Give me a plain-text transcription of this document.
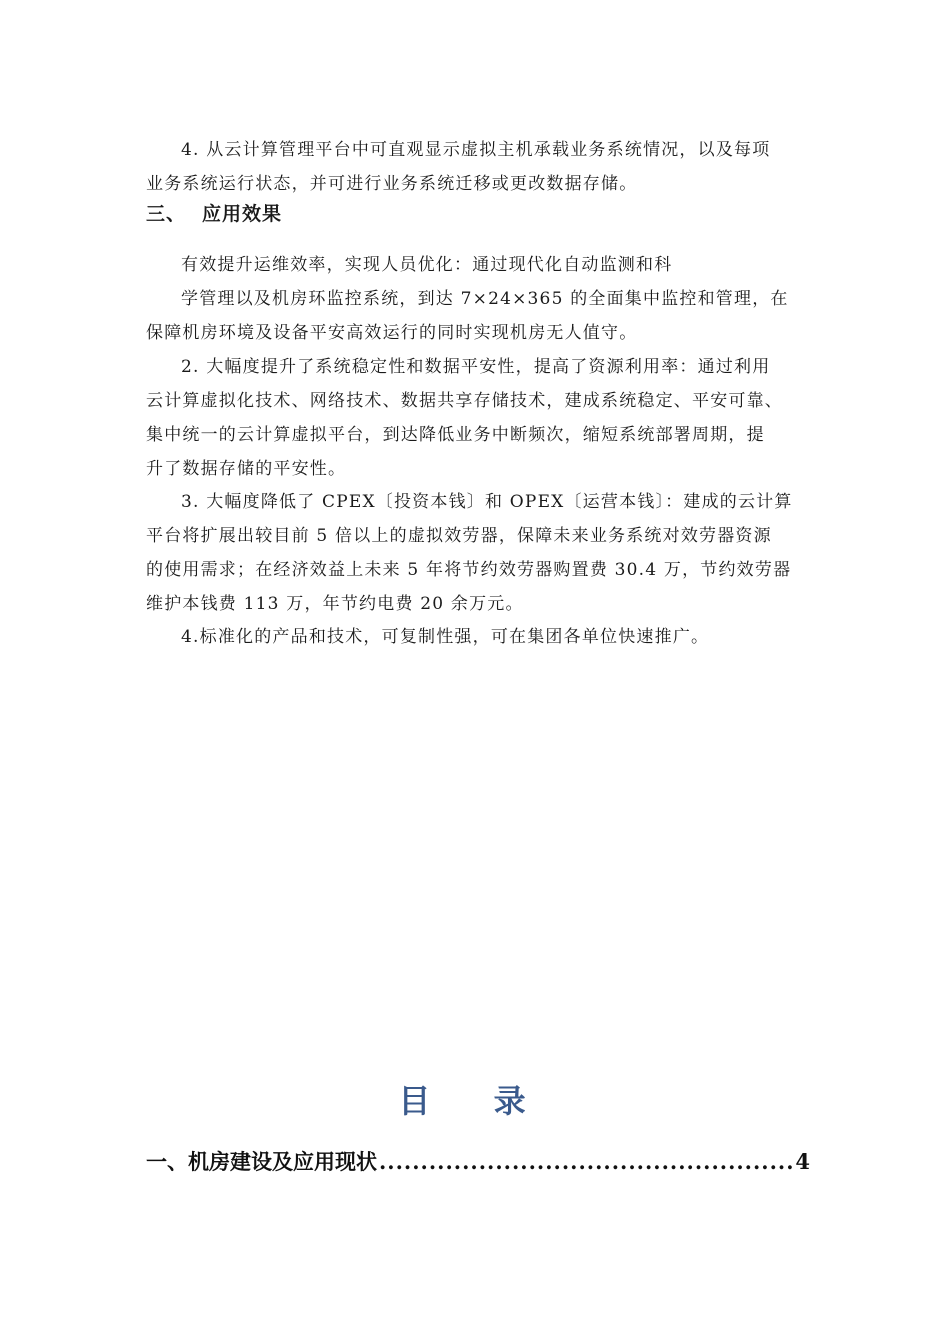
4. 从云计算管理平台中可直观显示虚拟主机承载业务系统情况，以及每项
业务系统运行状态，并可进行业务系统迁移或更改数据存储。

三、 应用效果

有效提升运维效率，实现人员优化：通过现代化自动监测和科
学管理以及机房环监控系统，到达 7×24×365 的全面集中监控和管理，在
保障机房环境及设备平安高效运行的同时实现机房无人值守。

2. 大幅度提升了系统稳定性和数据平安性，提高了资源利用率：通过利用
云计算虚拟化技术、网络技术、数据共享存储技术，建成系统稳定、平安可靠、
集中统一的云计算虚拟平台，到达降低业务中断频次，缩短系统部署周期，提
升了数据存储的平安性。

3. 大幅度降低了 CPEX〔投资本钱〕和 OPEX〔运营本钱〕：建成的云计算
平台将扩展出较目前 5 倍以上的虚拟效劳器，保障未来业务系统对效劳器资源
的使用需求；在经济效益上未来 5 年将节约效劳器购置费 30.4 万，节约效劳器
维护本钱费 113 万，年节约电费 20 余万元。

4.标准化的产品和技术，可复制性强，可在集团各单位快速推广。

目 录
一、机房建设及应用现状
.....	4
